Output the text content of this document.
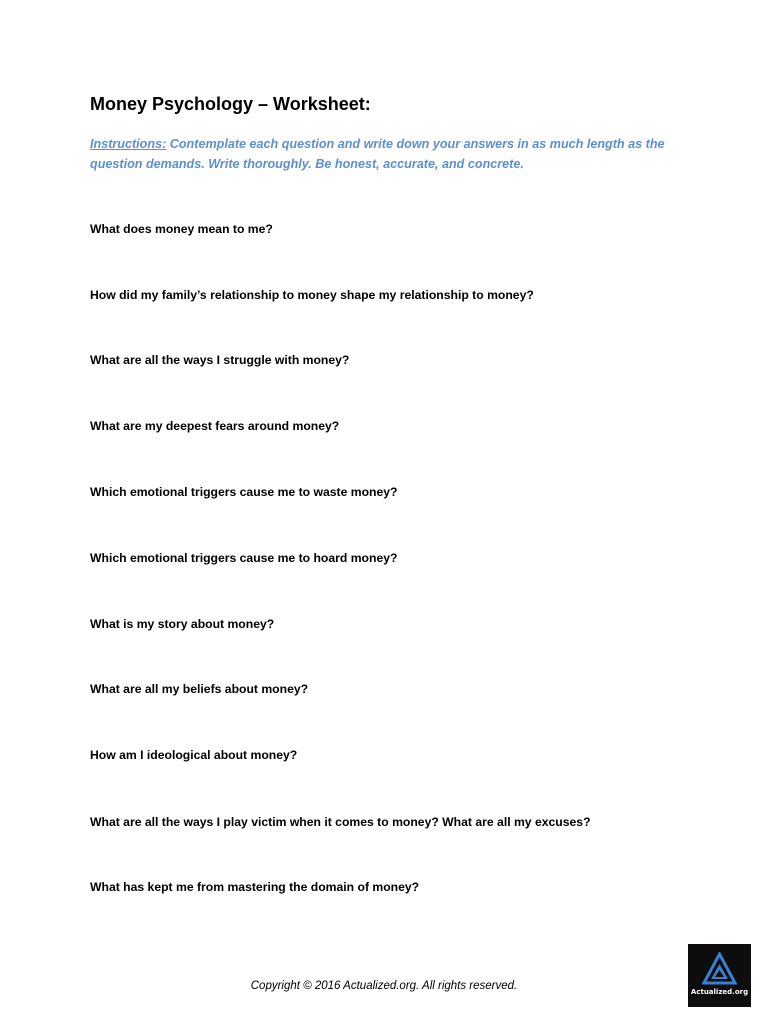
Money Psychology – Worksheet:
Instructions: Contemplate each question and write down your answers in as much length as the question demands. Write thoroughly. Be honest, accurate, and concrete.
What does money mean to me?
How did my family’s relationship to money shape my relationship to money?
What are all the ways I struggle with money?
What are my deepest fears around money?
Which emotional triggers cause me to waste money?
Which emotional triggers cause me to hoard money?
What is my story about money?
What are all my beliefs about money?
How am I ideological about money?
What are all the ways I play victim when it comes to money? What are all my excuses?
What has kept me from mastering the domain of money?
Copyright © 2016 Actualized.org. All rights reserved.	Actualized.org
